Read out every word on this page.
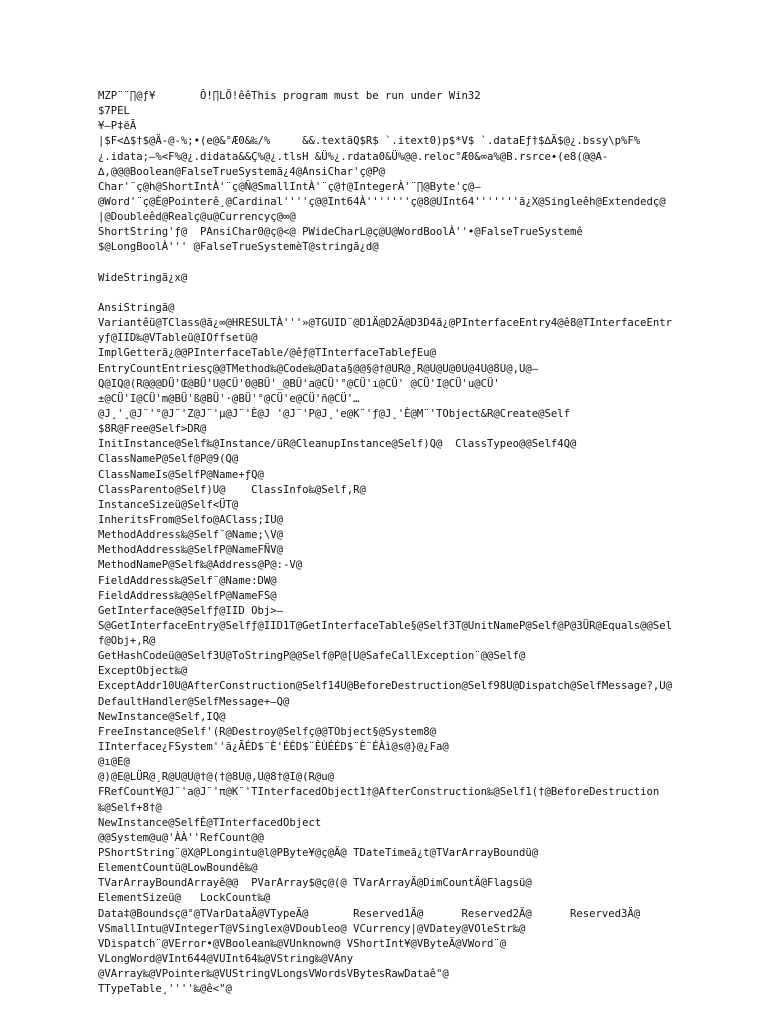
MZP¨¨∏@ƒ¥       Ô!∏LÕ!êêThis program must be run under Win32
$7PEL
¥–P‡ëÃ
|$F<∆$†$@Ä-@-%;•(e@&°Æ0&‰/%     &&.textãQ$R$ `.itext0)p$*V$ `.dataEƒ†$∆Ä$@¿.bssy\p%F%
¿.idata;–%<F%@¿.didata&&Ç%@¿.tlsH &Ü%¿.rdata0&Ü%@@.reloc°Æ0&∞a%@B.rsrce∙(e8(@@A-
∆,@@@Boolean@FalseTrueSystemã¿4@AnsiChar'ç@P@
Char'¨ç@h@ShortIntÀ'¨ç@Ñ@SmallIntÀ'¨ç@†@IntegerÀ'¨∏@Byte'ç@–
@Word'¨ç@È@Pointerê¸@Cardinal''''ç@@Int64À'''''''ç@8@UInt64'''''''ã¿X@Singleêh@Extendedç@
|@Doubleêd@Realç@u@Currencyç@∞@
ShortString'ƒ@  PAnsiChar0@ç@<@ PWideCharL@ç@U@WordBoolÀ''•@FalseTrueSystemê
$@LongBoolÀ''' @FalseTrueSystemèT@stringã¿d@
WideStringã¿x@
AnsiStringã@
Variantêü@TClass@ã¿∞@HRESULTÀ'''»@TGUID¨@D1Ä@D2Ä@D3D4ã¿@PInterfaceEntry4@ê8@TInterfaceEntr
yƒ@IID‰@VTableü@IOffsetü@
ImplGetterã¿@@PInterfaceTable/@êƒ@TInterfaceTableƒEu@
EntryCountEntriesç@@TMethod‰@Code‰@Data§@@§@†@UR@¸R@U@U@0U@4U@8U@,U@–
Q@IQ@(R@@@DÜ'Œ@BÜ'U@CÜ'0@BÜ'_@BÜ'a@CÜ'°@CÜ'ı@CÜ' @CÜ'I@CÜ'u@CÜ'
±@CÜ'I@CÜ'm@BÜ'ß@BÜ'·@BÜ'°@CÜ'e@CÜ'ñ@CÜ'…
@J¸'¸@J¨'°@J¨'Z@J¨'µ@J¨'È@J '@J¨'P@J¸'e@K¨'ƒ@J¸'È@M¨'TObject&R@Create@Self
$8R@Free@Self>DR@
InitInstance@Self‰@Instance/üR@CleanupInstance@Self)Q@  ClassTypeo@@Self4Q@
ClassNameP@Self@P@9(Q@
ClassNameIs@SelfP@Name+ƒQ@
ClassParento@Self)U@    ClassInfo‰@Self,R@
InstanceSizeü@Self<ÜT@
InheritsFrom@Selfo@AClass;IU@
MethodAddress‰@Self¨@Name;\V@
MethodAddress‰@SelfP@NameFÑV@
MethodNameP@Self‰@Address@P@:-V@
FieldAddress‰@Self¨@Name:DW@
FieldAddress‰@@SelfP@NameFS@
GetInterface@@Selfƒ@IID Obj>–
S@GetInterfaceEntry@Selfƒ@IID1T@GetInterfaceTable§@Self3T@UnitNameP@Self@P@3ÜR@Equals@@Sel
f@Obj+,R@
GetHashCodeü@@Self3U@ToStringP@@Self@P@[U@SafeCallException¨@@Self@
ExceptObject‰@
ExceptAddr10U@AfterConstruction@Self14U@BeforeDestruction@Self98U@Dispatch@SelfMessage?,U@
DefaultHandler@SelfMessage+–Q@
NewInstance@Self,IQ@
FreeInstance@Self'(R@Destroy@Selfç@@TObject§@System8@
IInterface¿FSystem''ã¿ÃÉD$¨È'ÉÉD$¨ÈÙÉÉD$¨È¨ÉÀì@s@}@¿Fa@
@ı@E@
@)@E@LÜR@¸R@U@U@†@(†@8U@,U@8†@I@(R@u@
FRefCount¥@J¨'a@J¨'π@K¨'TInterfacedObject1†@AfterConstruction‰@Self1(†@BeforeDestruction
‰@Self+8†@
NewInstance@SelfÈ@TInterfacedObject
@@System@u@'ÀÀ''RefCount@@
PShortString¨@X@PLongintu@l@PByte¥@ç@Ä@ TDateTimeã¿t@TVarArrayBoundü@
ElementCountü@LowBoundê‰@
TVarArrayBoundArrayê@@  PVarArray$@ç@(@ TVarArrayÄ@DimCountÄ@Flagsü@
ElementSizeü@   LockCount‰@
Data‡@Boundsç@°@TVarDataÄ@VTypeÄ@       Reserved1Ä@      Reserved2Ä@      Reserved3Ä@
VSmallIntu@VIntegerT@VSinglex@VDoubleo@ VCurrency|@VDatey@VOleStr‰@
VDispatch¨@VError•@VBoolean‰@VUnknown@ VShortInt¥@VByteÄ@VWord¨@
VLongWord@VInt644@VUInt64‰@VString‰@VAny
@VArray‰@VPointer‰@VUStringVLongsVWordsVBytesRawDataê"@
TTypeTable¸''''‰@ê<"@
